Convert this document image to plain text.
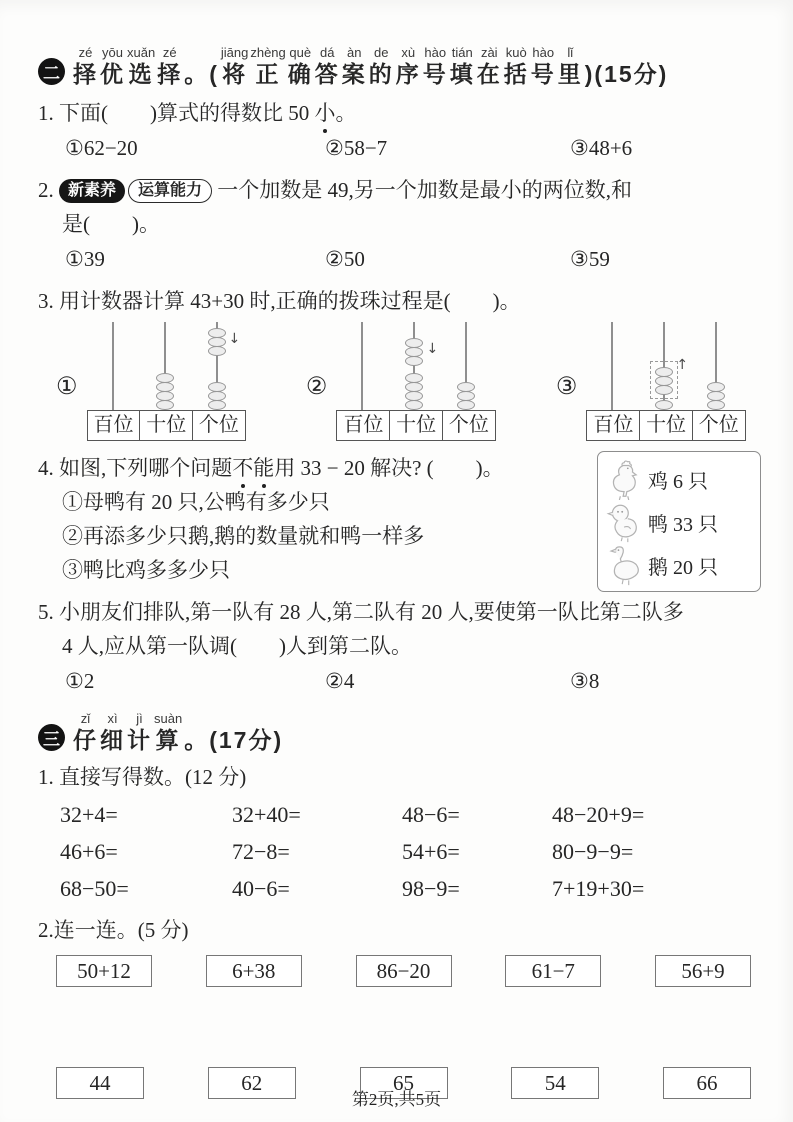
二
zé
择
yōu
优
xuǎn
选
zé
择 。(
jiāng
将
zhèng
正
què
确
dá
答
àn
案
de
的
xù
序
hào
号
tián
填
zài
在
kuò
括
hào
号
lǐ
里 )(15分)
1. 下面(　　)算式的得数比 50 小。
①62−20	②58−7	③48+6
2. 新素养 运算能力 一个加数是 49,另一个加数是最小的两位数,和
是(　　)。
①39	②50	③59
3. 用计数器计算 43+30 时,正确的拨珠过程是(　　)。
①
↓
百位 十位 个位
②
↓
百位 十位 个位
③
↑
百位 十位 个位
4. 如图,下列哪个问题不能用 33 − 20 解决? (　　)。
①母鸭有 20 只,公鸭有多少只
②再添多少只鹅,鹅的数量就和鸭一样多
③鸭比鸡多多少只
鸡 6 只
鸭 33 只
鹅 20 只
5. 小朋友们排队,第一队有 28 人,第二队有 20 人,要使第一队比第二队多
4 人,应从第一队调(　　)人到第二队。
①2	②4	③8
三
zǐ
仔
xì
细
jì
计
suàn
算 。(17分)
1. 直接写得数。(12 分)
32+4=	32+40=	48−6=	48−20+9=
46+6=	72−8=	54+6=	80−9−9=
68−50=	40−6=	98−9=	7+19+30=
2.连一连。(5 分)
50+12	6+38	86−20	61−7	56+9
44	62	65	54	66
第2页,共5页
